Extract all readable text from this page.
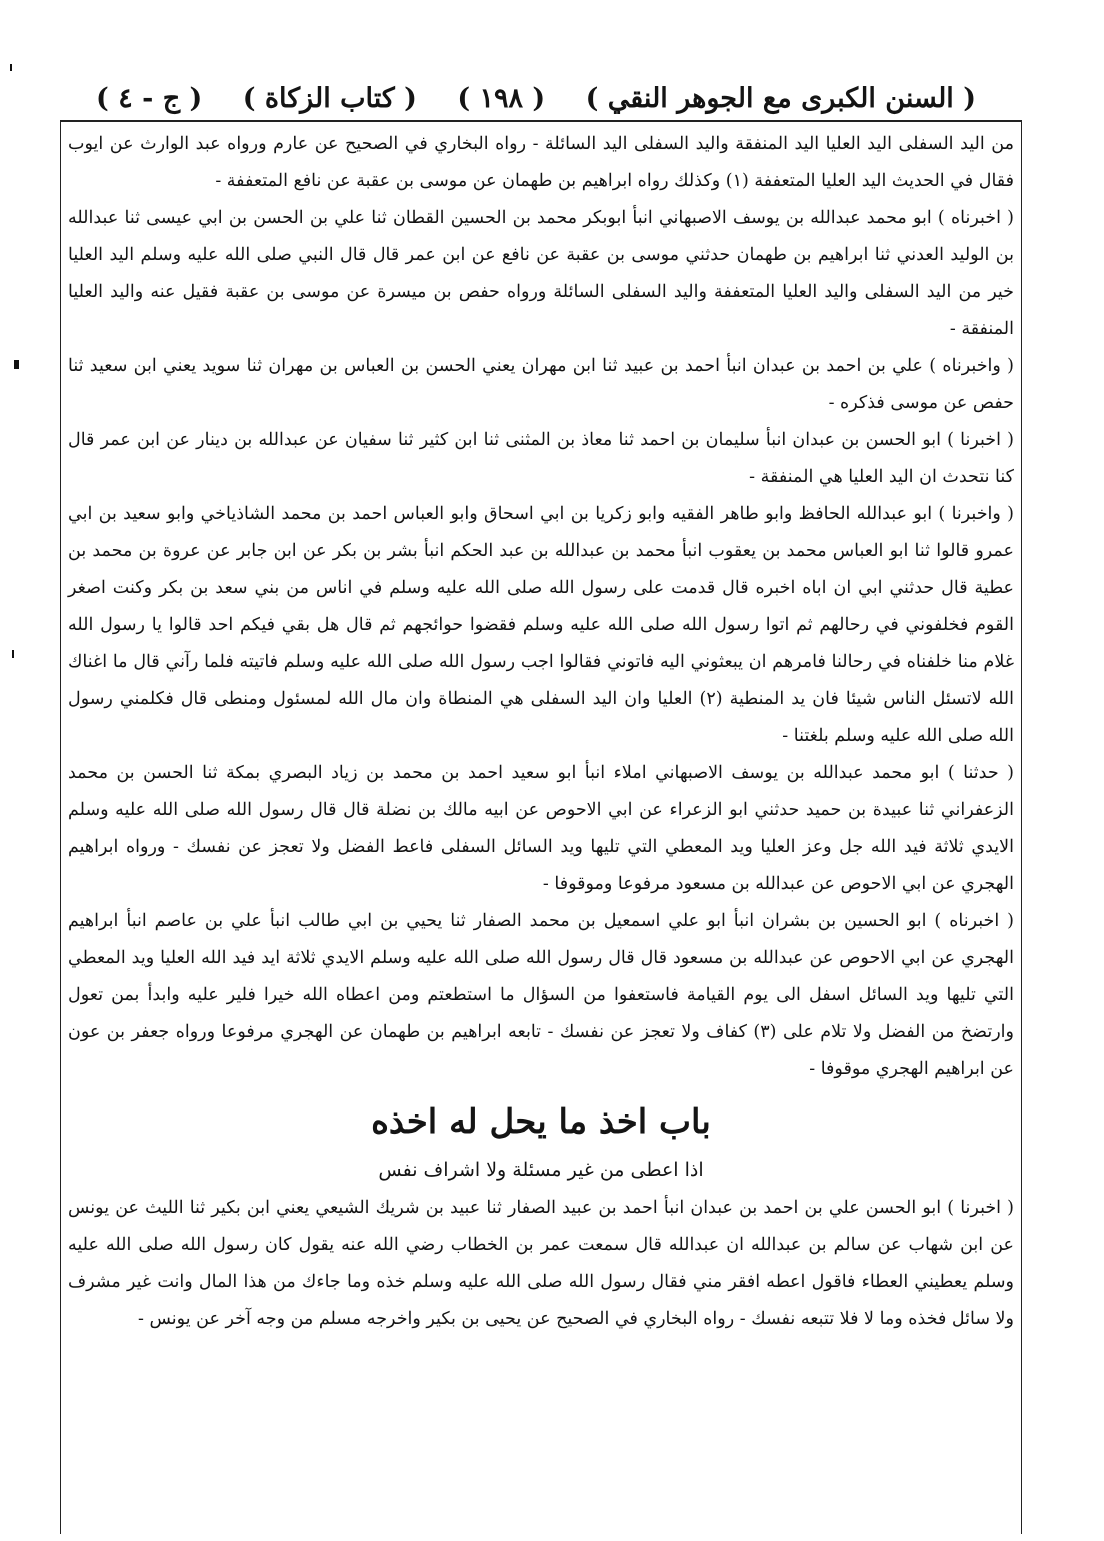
( السنن الكبرى مع الجوهر النقي )
( ١٩٨ )
( كتاب الزكاة )
( ج - ٤ )

من اليد السفلى اليد العليا اليد المنفقة واليد السفلى اليد السائلة - رواه البخاري في الصحيح عن عارم ورواه عبد الوارث عن ايوب فقال في الحديث اليد العليا المتعففة (١) وكذلك رواه ابراهيم بن طهمان عن موسى بن عقبة عن نافع المتعففة -

( اخبرناه ) ابو محمد عبدالله بن يوسف الاصبهاني انبأ ابوبكر محمد بن الحسين القطان ثنا علي بن الحسن بن ابي عيسى ثنا عبدالله بن الوليد العدني ثنا ابراهيم بن طهمان حدثني موسى بن عقبة عن نافع عن ابن عمر قال قال النبي صلى الله عليه وسلم اليد العليا خير من اليد السفلى واليد العليا المتعففة واليد السفلى السائلة ورواه حفص بن ميسرة عن موسى بن عقبة فقيل عنه واليد العليا المنفقة -

( واخبرناه ) علي بن احمد بن عبدان انبأ احمد بن عبيد ثنا ابن مهران يعني الحسن بن العباس بن مهران ثنا سويد يعني ابن سعيد ثنا حفص عن موسى فذكره -

( اخبرنا ) ابو الحسن بن عبدان انبأ سليمان بن احمد ثنا معاذ بن المثنى ثنا ابن كثير ثنا سفيان عن عبدالله بن دينار عن ابن عمر قال كنا نتحدث ان اليد العليا هي المنفقة -

( واخبرنا ) ابو عبدالله الحافظ وابو طاهر الفقيه وابو زكريا بن ابي اسحاق وابو العباس احمد بن محمد الشاذياخي وابو سعيد بن ابي عمرو قالوا ثنا ابو العباس محمد بن يعقوب انبأ محمد بن عبدالله بن عبد الحكم انبأ بشر بن بكر عن ابن جابر عن عروة بن محمد بن عطية قال حدثني ابي ان اباه اخبره قال قدمت على رسول الله صلى الله عليه وسلم في اناس من بني سعد بن بكر وكنت اصغر القوم فخلفوني في رحالهم ثم اتوا رسول الله صلى الله عليه وسلم فقضوا حوائجهم ثم قال هل بقي فيكم احد قالوا يا رسول الله غلام منا خلفناه في رحالنا فامرهم ان يبعثوني اليه فاتوني فقالوا اجب رسول الله صلى الله عليه وسلم فاتيته فلما رآني قال ما اغناك الله لاتسئل الناس شيئا فان يد المنطية (٢) العليا وان اليد السفلى هي المنطاة وان مال الله لمسئول ومنطى قال فكلمني رسول الله صلى الله عليه وسلم بلغتنا -

( حدثنا ) ابو محمد عبدالله بن يوسف الاصبهاني املاء انبأ ابو سعيد احمد بن محمد بن زياد البصري بمكة ثنا الحسن بن محمد الزعفراني ثنا عبيدة بن حميد حدثني ابو الزعراء عن ابي الاحوص عن ابيه مالك بن نضلة قال قال رسول الله صلى الله عليه وسلم الايدي ثلاثة فيد الله جل وعز العليا ويد المعطي التي تليها ويد السائل السفلى فاعط الفضل ولا تعجز عن نفسك - ورواه ابراهيم الهجري عن ابي الاحوص عن عبدالله بن مسعود مرفوعا وموقوفا -

( اخبرناه ) ابو الحسين بن بشران انبأ ابو علي اسمعيل بن محمد الصفار ثنا يحيي بن ابي طالب انبأ علي بن عاصم انبأ ابراهيم الهجري عن ابي الاحوص عن عبدالله بن مسعود قال قال رسول الله صلى الله عليه وسلم الايدي ثلاثة ايد فيد الله العليا ويد المعطي التي تليها ويد السائل اسفل الى يوم القيامة فاستعفوا من السؤال ما استطعتم ومن اعطاه الله خيرا فلير عليه وابدأ بمن تعول وارتضخ من الفضل ولا تلام على (٣) كفاف ولا تعجز عن نفسك - تابعه ابراهيم بن طهمان عن الهجري مرفوعا ورواه جعفر بن عون عن ابراهيم الهجري موقوفا -

باب اخذ ما يحل له اخذه
اذا اعطى من غير مسئلة ولا اشراف نفس

( اخبرنا ) ابو الحسن علي بن احمد بن عبدان انبأ احمد بن عبيد الصفار ثنا عبيد بن شريك الشيعي يعني ابن بكير ثنا الليث عن يونس عن ابن شهاب عن سالم بن عبدالله ان عبدالله قال سمعت عمر بن الخطاب رضي الله عنه يقول كان رسول الله صلى الله عليه وسلم يعطيني العطاء فاقول اعطه افقر مني فقال رسول الله صلى الله عليه وسلم خذه وما جاءك من هذا المال وانت غير مشرف ولا سائل فخذه وما لا فلا تتبعه نفسك - رواه البخاري في الصحيح عن يحيى بن بكير واخرجه مسلم من وجه آخر عن يونس -
